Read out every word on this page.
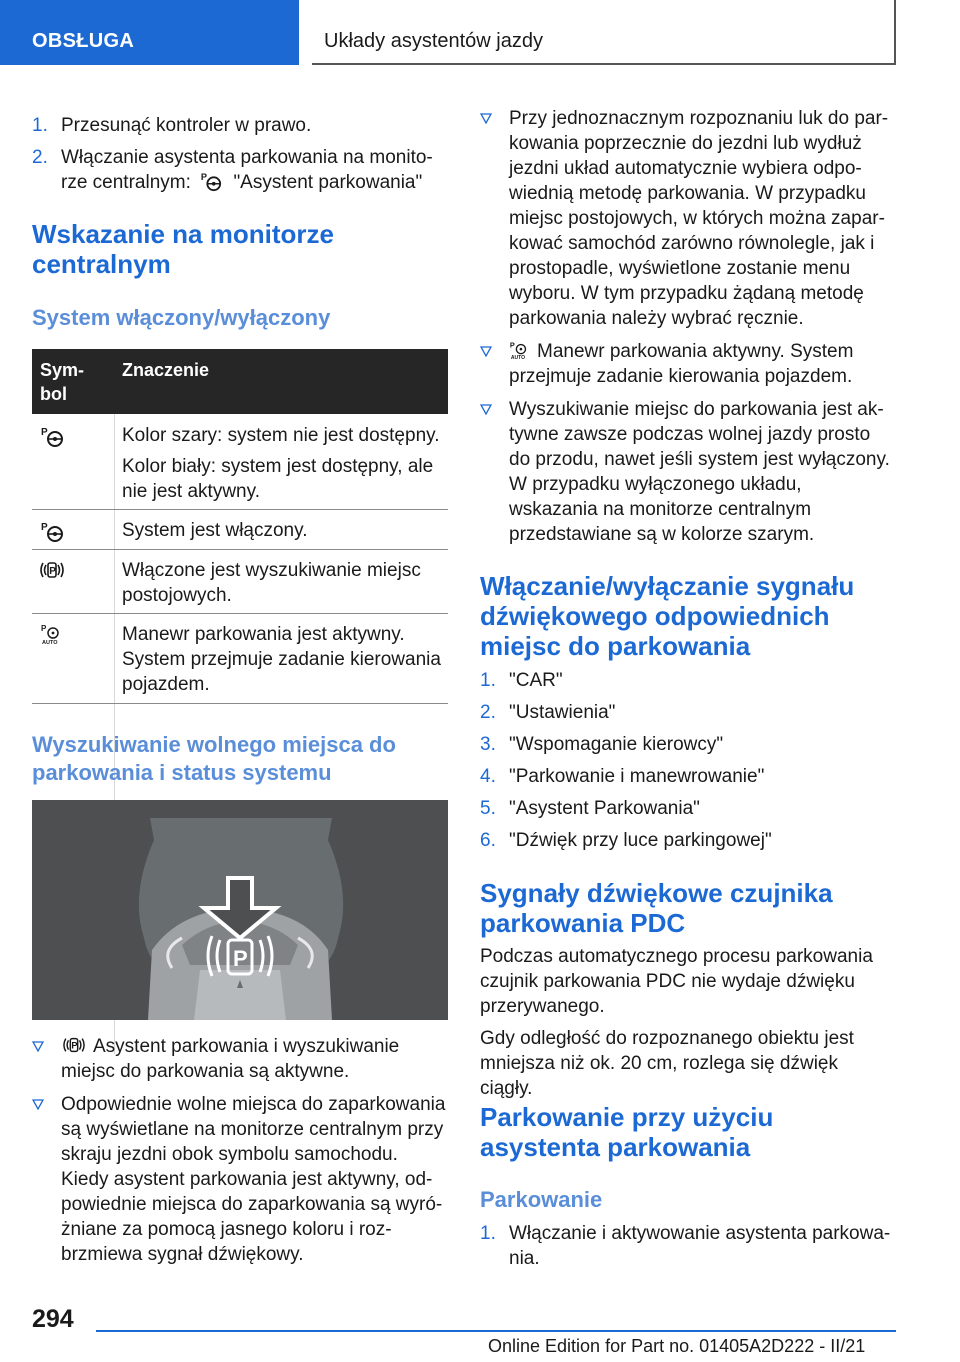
OBSŁUGA	Układy asystentów jazdy
1. Przesunąć kontroler w prawo.
2. Włączanie asystenta parkowania na monito-
rze centralnym: "Asystent parkowania"
Wskazanie na monitorze centralnym
System włączony/wyłączony
Sym-
bol
Znaczenie
Kolor szary: system nie jest dostępny.
Kolor biały: system jest dostępny, ale nie jest aktywny.
System jest włączony.
Włączone jest wyszukiwanie miejsc postojowych.
Manewr parkowania jest aktywny. System przejmuje zadanie kierowania pojazdem.
Wyszukiwanie wolnego miejsca do parkowania i status systemu
P
Asystent parkowania i wyszukiwanie miejsc do parkowania są aktywne.
Odpowiednie wolne miejsca do zaparkowania są wyświetlane na monitorze centralnym przy skraju jezdni obok symbolu samochodu. Kiedy asystent parkowania jest aktywny, od-powiednie miejsca do zaparkowania są wyró-żniane za pomocą jasnego koloru i roz-brzmiewa sygnał dźwiękowy.
Przy jednoznacznym rozpoznaniu luk do par-kowania poprzecznie do jezdni lub wydłuż jezdni układ automatycznie wybiera odpo-wiednią metodę parkowania. W przypadku miejsc postojowych, w których można zapar-kować samochód zarówno równolegle, jak i prostopadle, wyświetlone zostanie menu wyboru. W tym przypadku żądaną metodę parkowania należy wybrać ręcznie.
Manewr parkowania aktywny. System przejmuje zadanie kierowania pojazdem.
Wyszukiwanie miejsc do parkowania jest ak-tywne zawsze podczas wolnej jazdy prosto do przodu, nawet jeśli system jest wyłączony. W przypadku wyłączonego układu, wskazania na monitorze centralnym przedstawiane są w kolorze szarym.
Włączanie/wyłączanie sygnału dźwiękowego odpowiednich miejsc do parkowania
1. "CAR"
2. "Ustawienia"
3. "Wspomaganie kierowcy"
4. "Parkowanie i manewrowanie"
5. "Asystent Parkowania"
6. "Dźwięk przy luce parkingowej"
Sygnały dźwiękowe czujnika parkowania PDC
Podczas automatycznego procesu parkowania czujnik parkowania PDC nie wydaje dźwięku przerywanego.
Gdy odległość do rozpoznanego obiektu jest mniejsza niż ok. 20 cm, rozlega się dźwięk ciągły.
Parkowanie przy użyciu asystenta parkowania
Parkowanie
1. Włączanie i aktywowanie asystenta parkowa-nia.
294
Online Edition for Part no. 01405A2D222 - II/21
